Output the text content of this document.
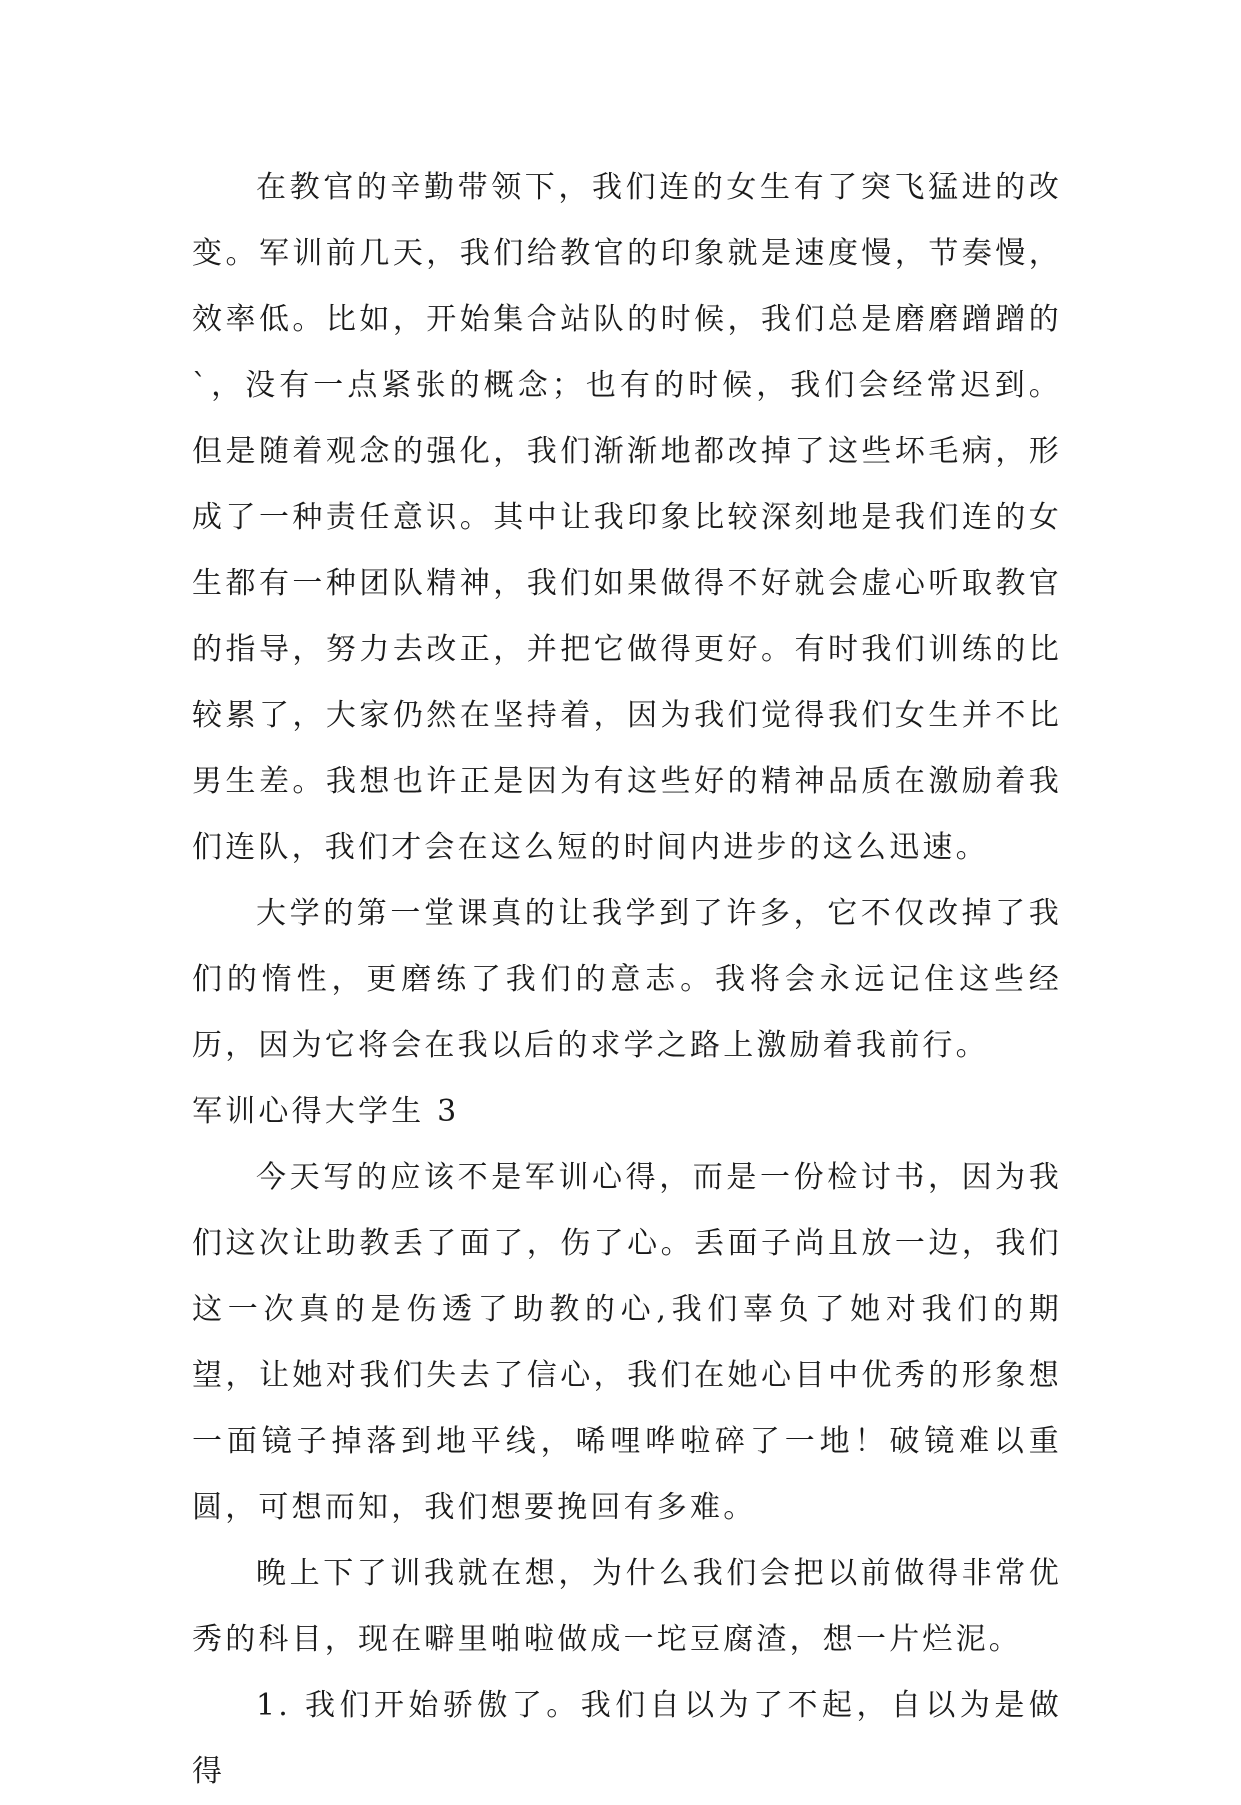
在教官的辛勤带领下，我们连的女生有了突飞猛进的改变。军训前几天，我们给教官的印象就是速度慢，节奏慢，效率低。比如，开始集合站队的时候，我们总是磨磨蹭蹭的`，没有一点紧张的概念；也有的时候，我们会经常迟到。但是随着观念的强化，我们渐渐地都改掉了这些坏毛病，形成了一种责任意识。其中让我印象比较深刻地是我们连的女生都有一种团队精神，我们如果做得不好就会虚心听取教官的指导，努力去改正，并把它做得更好。有时我们训练的比较累了，大家仍然在坚持着，因为我们觉得我们女生并不比男生差。我想也许正是因为有这些好的精神品质在激励着我们连队，我们才会在这么短的时间内进步的这么迅速。

大学的第一堂课真的让我学到了许多，它不仅改掉了我们的惰性，更磨练了我们的意志。我将会永远记住这些经历，因为它将会在我以后的求学之路上激励着我前行。

军训心得大学生 3

今天写的应该不是军训心得，而是一份检讨书，因为我们这次让助教丢了面了，伤了心。丢面子尚且放一边，我们这一次真的是伤透了助教的心,我们辜负了她对我们的期望，让她对我们失去了信心，我们在她心目中优秀的形象想一面镜子掉落到地平线，唏哩哗啦碎了一地！破镜难以重圆，可想而知，我们想要挽回有多难。

晚上下了训我就在想，为什么我们会把以前做得非常优秀的科目，现在噼里啪啦做成一坨豆腐渣，想一片烂泥。

1. 我们开始骄傲了。我们自以为了不起，自以为是做得
